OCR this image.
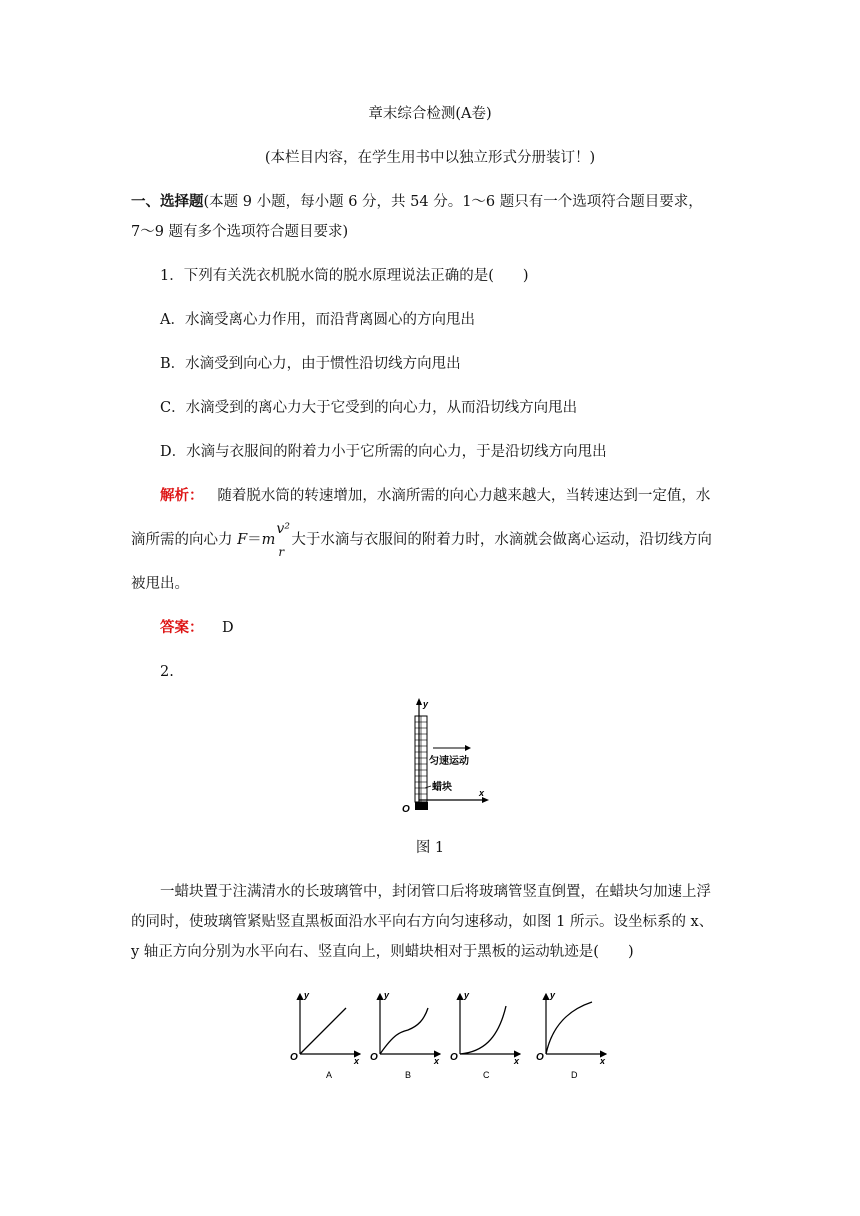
章末综合检测(A卷)
(本栏目内容，在学生用书中以独立形式分册装订！)
一、选择题(本题 9 小题，每小题 6 分，共 54 分。1～6 题只有一个选项符合题目要求，
7～9 题有多个选项符合题目要求)
1．下列有关洗衣机脱水筒的脱水原理说法正确的是(　　)
A．水滴受离心力作用，而沿背离圆心的方向甩出
B．水滴受到向心力，由于惯性沿切线方向甩出
C．水滴受到的离心力大于它受到的向心力，从而沿切线方向甩出
D．水滴与衣服间的附着力小于它所需的向心力，于是沿切线方向甩出
解析： 随着脱水筒的转速增加，水滴所需的向心力越来越大，当转速达到一定值，水
滴所需的向心力 F＝m
v²
r
大于水滴与衣服间的附着力时，水滴就会做离心运动，沿切线方向
被甩出。
答案： D
2.
y
x
O
匀速运动
蜡块
图 1
一蜡块置于注满清水的长玻璃管中，封闭管口后将玻璃管竖直倒置，在蜡块匀加速上浮
的同时，使玻璃管紧贴竖直黑板面沿水平向右方向匀速移动，如图 1 所示。设坐标系的 x、
y 轴正方向分别为水平向右、竖直向上，则蜡块相对于黑板的运动轨迹是(　　)
y
x
O
A
y
x
O
B
y
x
O
C
y
x
O
D
